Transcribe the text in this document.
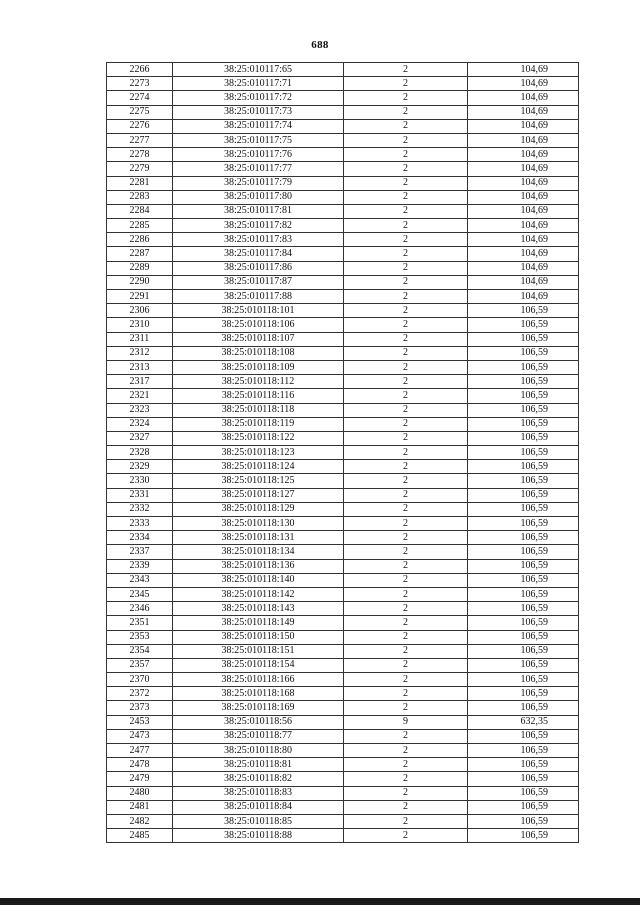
688
2266	38:25:010117:65	2	104,69
2273	38:25:010117:71	2	104,69
2274	38:25:010117:72	2	104,69
2275	38:25:010117:73	2	104,69
2276	38:25:010117:74	2	104,69
2277	38:25:010117:75	2	104,69
2278	38:25:010117:76	2	104,69
2279	38:25:010117:77	2	104,69
2281	38:25:010117:79	2	104,69
2283	38:25:010117:80	2	104,69
2284	38:25:010117:81	2	104,69
2285	38:25:010117:82	2	104,69
2286	38:25:010117:83	2	104,69
2287	38:25:010117:84	2	104,69
2289	38:25:010117:86	2	104,69
2290	38:25:010117:87	2	104,69
2291	38:25:010117:88	2	104,69
2306	38:25:010118:101	2	106,59
2310	38:25:010118:106	2	106,59
2311	38:25:010118:107	2	106,59
2312	38:25:010118:108	2	106,59
2313	38:25:010118:109	2	106,59
2317	38:25:010118:112	2	106,59
2321	38:25:010118:116	2	106,59
2323	38:25:010118:118	2	106,59
2324	38:25:010118:119	2	106,59
2327	38:25:010118:122	2	106,59
2328	38:25:010118:123	2	106,59
2329	38:25:010118:124	2	106,59
2330	38:25:010118:125	2	106,59
2331	38:25:010118:127	2	106,59
2332	38:25:010118:129	2	106,59
2333	38:25:010118:130	2	106,59
2334	38:25:010118:131	2	106,59
2337	38:25:010118:134	2	106,59
2339	38:25:010118:136	2	106,59
2343	38:25:010118:140	2	106,59
2345	38:25:010118:142	2	106,59
2346	38:25:010118:143	2	106,59
2351	38:25:010118:149	2	106,59
2353	38:25:010118:150	2	106,59
2354	38:25:010118:151	2	106,59
2357	38:25:010118:154	2	106,59
2370	38:25:010118:166	2	106,59
2372	38:25:010118:168	2	106,59
2373	38:25:010118:169	2	106,59
2453	38:25:010118:56	9	632,35
2473	38:25:010118:77	2	106,59
2477	38:25:010118:80	2	106,59
2478	38:25:010118:81	2	106,59
2479	38:25:010118:82	2	106,59
2480	38:25:010118:83	2	106,59
2481	38:25:010118:84	2	106,59
2482	38:25:010118:85	2	106,59
2485	38:25:010118:88	2	106,59
